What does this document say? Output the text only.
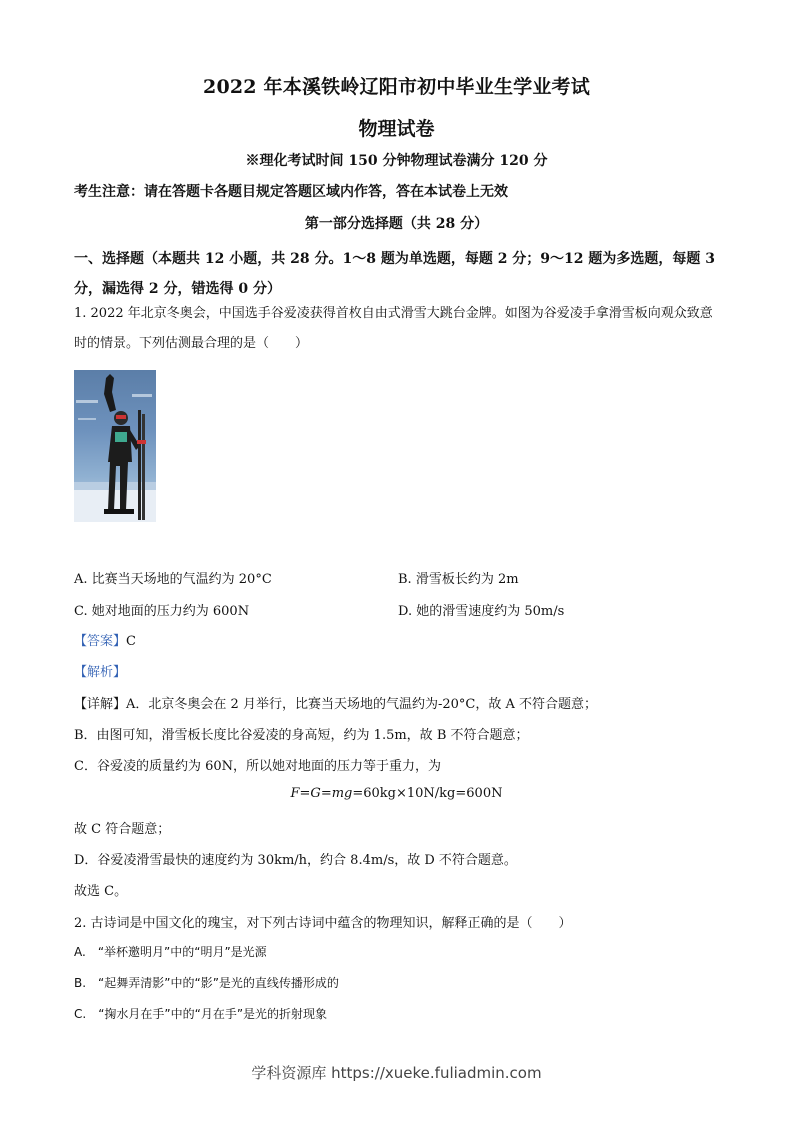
2022 年本溪铁岭辽阳市初中毕业生学业考试
物理试卷
※理化考试时间 150 分钟物理试卷满分 120 分
考生注意：请在答题卡各题目规定答题区域内作答，答在本试卷上无效
第一部分选择题（共 28 分）
一、选择题（本题共 12 小题，共 28 分。1～8 题为单选题，每题 2 分；9～12 题为多选题，每题 3 分，漏选得 2 分，错选得 0 分）
1. 2022 年北京冬奥会，中国选手谷爱凌获得首枚自由式滑雪大跳台金牌。如图为谷爱凌手拿滑雪板向观众致意时的情景。下列估测最合理的是（　　）
A. 比赛当天场地的气温约为 20°C	B. 滑雪板长约为 2m
C. 她对地面的压力约为 600N	D. 她的滑雪速度约为 50m/s
【答案】C
【解析】
【详解】A．北京冬奥会在 2 月举行，比赛当天场地的气温约为-20°C，故 A 不符合题意；
B．由图可知，滑雪板长度比谷爱凌的身高短，约为 1.5m，故 B 不符合题意；
C．谷爱凌的质量约为 60N，所以她对地面的压力等于重力，为
F=G=mg=60kg×10N/kg=600N
故 C 符合题意；
D．谷爱凌滑雪最快的速度约为 30km/h，约合 8.4m/s，故 D 不符合题意。
故选 C。
2. 古诗词是中国文化的瑰宝，对下列古诗词中蕴含的物理知识，解释正确的是（　　）
A.　“举杯邀明月”中的“明月”是光源
B.　“起舞弄清影”中的“影”是光的直线传播形成的
C.　“掬水月在手”中的“月在手”是光的折射现象
学科资源库 https://xueke.fuliadmin.com
